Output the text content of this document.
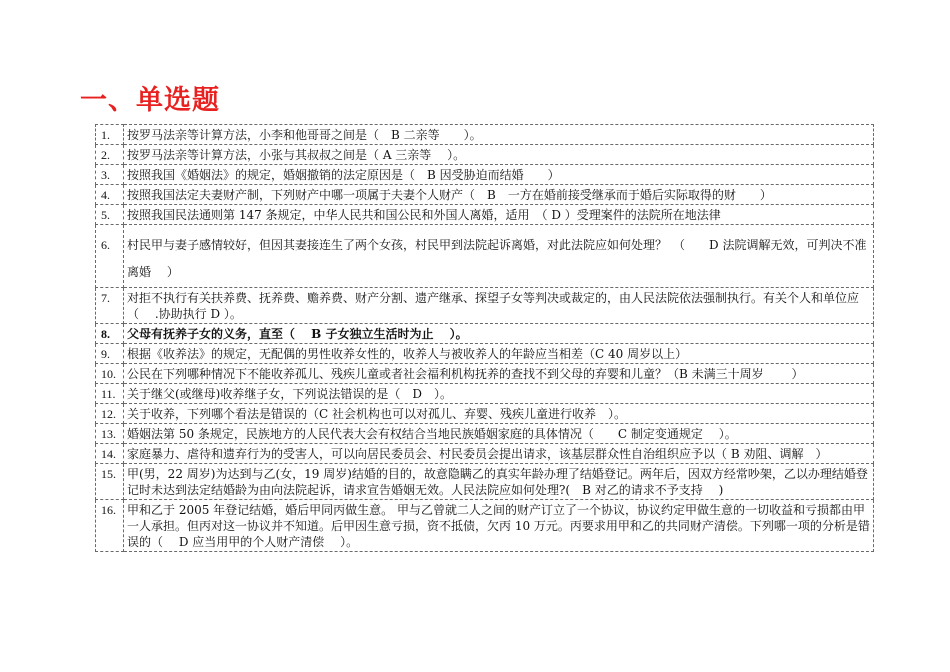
一、单选题
1.	按罗马法亲等计算方法，小李和他哥哥之间是（　B 二亲等　　）。
2.	按罗马法亲等计算方法，小张与其叔叔之间是（ A 三亲等　 ）。
3.	按照我国《婚姻法》的规定，婚姻撤销的法定原因是（　B 因受胁迫而结婚　　）
4.	按照我国法定夫妻财产制，下列财产中哪一项属于夫妻个人财产（　B　一方在婚前接受继承而于婚后实际取得的财　　）
5.	按照我国民法通则第 147 条规定，中华人民共和国公民和外国人离婚，适用　（ D ）受理案件的法院所在地法律
6.	村民甲与妻子感情较好，但因其妻接连生了两个女孩，村民甲到法院起诉离婚，对此法院应如何处理？　（　　D 法院调解无效，可判决不准离婚　 ）
7.	对拒不执行有关扶养费、抚养费、赡养费、财产分割、遗产继承、探望子女等判决或裁定的，由人民法院依法强制执行。有关个人和单位应（　 .协助执行 D ）。
8.	父母有抚养子女的义务，直至（　 B 子女独立生活时为止　 ）。
9.	根据《收养法》的规定，无配偶的男性收养女性的，收养人与被收养人的年龄应当相差（C 40 周岁以上）
10.	公民在下列哪种情况下不能收养孤儿、残疾儿童或者社会福利机构抚养的查找不到父母的弃婴和儿童？（B 未满三十周岁　　 ）
11.	关于继父(或继母)收养继子女，下列说法错误的是（　D　）。
12.	关于收养，下列哪个看法是错误的（C 社会机构也可以对孤儿、弃婴、残疾儿童进行收养　）。
13.	婚姻法第 50 条规定，民族地方的人民代表大会有权结合当地民族婚姻家庭的具体情况（　　C 制定变通规定　 ）。
14.	家庭暴力、虐待和遗弃行为的受害人，可以向居民委员会、村民委员会提出请求，该基层群众性自治组织应予以（ B 劝阻、调解　）
15.	甲(男，22 周岁)为达到与乙(女，19 周岁)结婚的目的，故意隐瞒乙的真实年龄办理了结婚登记。两年后，因双方经常吵架，乙以办理结婚登记时未达到法定结婚龄为由向法院起诉，请求宣告婚姻无效。人民法院应如何处理?(　B 对乙的请求不予支持　 )
16.	甲和乙于 2005 年登记结婚，婚后甲同丙做生意。 甲与乙曾就二人之间的财产订立了一个协议，协议约定甲做生意的一切收益和亏损都由甲一人承担。但丙对这一协议并不知道。后甲因生意亏损，资不抵债，欠丙 10 万元。丙要求用甲和乙的共同财产清偿。下列哪一项的分析是错误的（　 D 应当用甲的个人财产清偿　 ）。
